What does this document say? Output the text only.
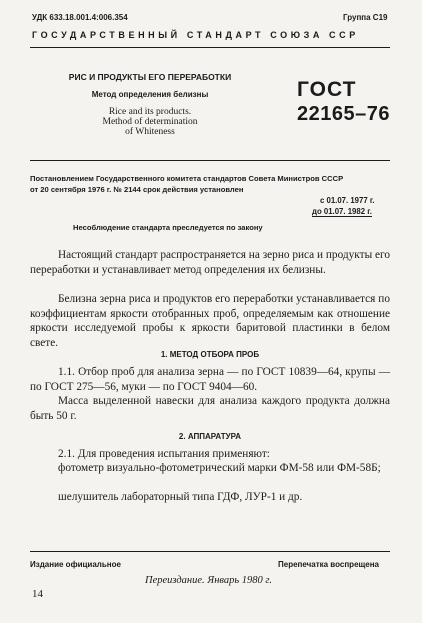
УДК 633.18.001.4:006.354	Группа С19
ГОСУДАРСТВЕННЫЙ СТАНДАРТ СОЮЗА ССР
РИС И ПРОДУКТЫ ЕГО ПЕРЕРАБОТКИ
Метод определения белизны
Rice and its products.
Method of determination
of Whiteness
ГОСТ
22165–76
Постановлением Государственного комитета стандартов Совета Министров СССР
от 20 сентября 1976 г. № 2144 срок действия установлен
с 01.07. 1977 г.
до 01.07. 1982 г.
Несоблюдение стандарта преследуется по закону

Настоящий стандарт распространяется на зерно риса и продукты его переработки и устанавливает метод определения их белизны.

Белизна зерна риса и продуктов его переработки устанавливается по коэффициентам яркости отобранных проб, определяемым как отношение яркости исследуемой пробы к яркости баритовой пластинки в белом свете.

1. МЕТОД ОТБОРА ПРОБ

1.1. Отбор проб для анализа зерна — по ГОСТ 10839—64, крупы — по ГОСТ 275—56, муки — по ГОСТ 9404—60.

Масса выделенной навески для анализа каждого продукта должна быть 50 г.

2. АППАРАТУРА

2.1. Для проведения испытания применяют:

фотометр визуально-фотометрический марки ФМ-58 или ФМ-58Б;

шелушитель лабораторный типа ГДФ, ЛУР-1 и др.

Издание официальное	Перепечатка воспрещена
Переиздание. Январь 1980 г.
14
